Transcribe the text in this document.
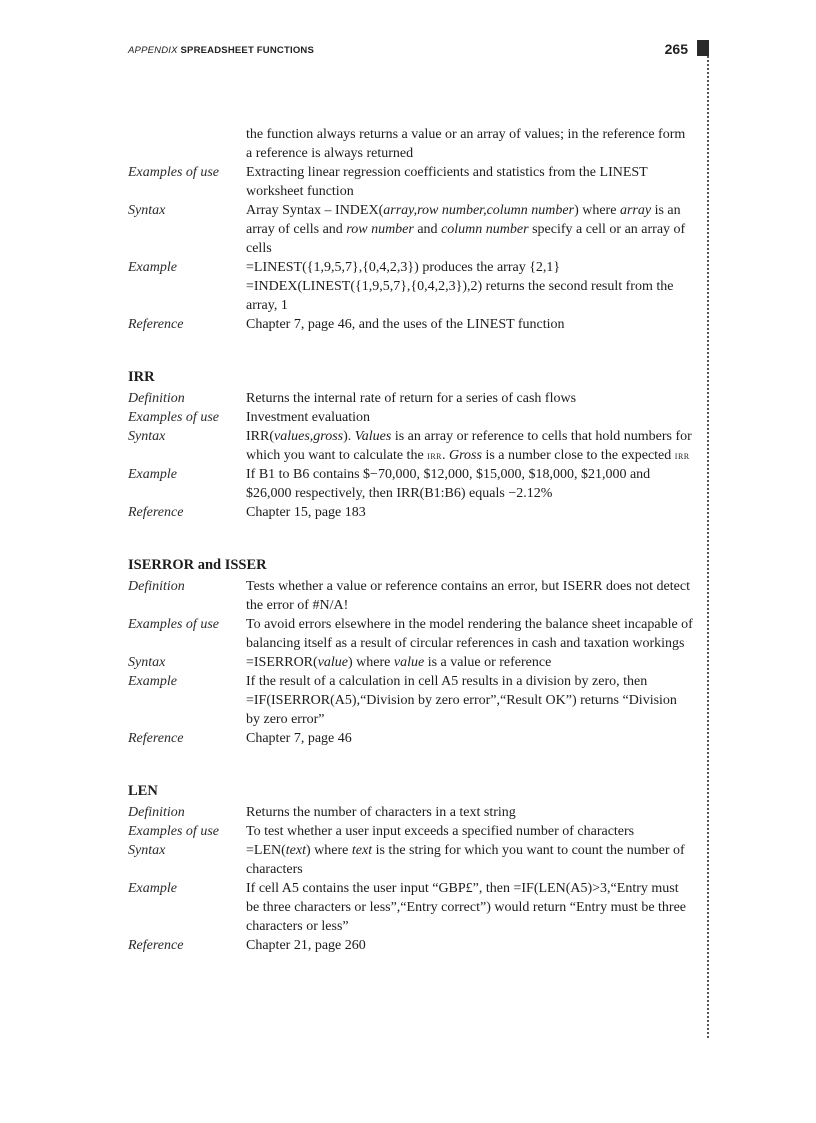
APPENDIX SPREADSHEET FUNCTIONS	265
the function always returns a value or an array of values; in the reference form a reference is always returned
Examples of use	Extracting linear regression coefficients and statistics from the LINEST worksheet function
Syntax	Array Syntax – INDEX(array,row number,column number) where array is an array of cells and row number and column number specify a cell or an array of cells
Example	=LINEST({1,9,5,7},{0,4,2,3}) produces the array {2,1}
=INDEX(LINEST({1,9,5,7},{0,4,2,3}),2) returns the second result from the array, 1
Reference	Chapter 7, page 46, and the uses of the LINEST function
IRR
Definition	Returns the internal rate of return for a series of cash flows
Examples of use	Investment evaluation
Syntax	IRR(values,gross). Values is an array or reference to cells that hold numbers for which you want to calculate the irr. Gross is a number close to the expected irr
Example	If B1 to B6 contains $−70,000, $12,000, $15,000, $18,000, $21,000 and $26,000 respectively, then IRR(B1:B6) equals −2.12%
Reference	Chapter 15, page 183
ISERROR and ISSER
Definition	Tests whether a value or reference contains an error, but ISERR does not detect the error of #N/A!
Examples of use	To avoid errors elsewhere in the model rendering the balance sheet incapable of balancing itself as a result of circular references in cash and taxation workings
Syntax	=ISERROR(value) where value is a value or reference
Example	If the result of a calculation in cell A5 results in a division by zero, then =IF(ISERROR(A5),“Division by zero error”,“Result OK”) returns “Division by zero error”
Reference	Chapter 7, page 46
LEN
Definition	Returns the number of characters in a text string
Examples of use	To test whether a user input exceeds a specified number of characters
Syntax	=LEN(text) where text is the string for which you want to count the number of characters
Example	If cell A5 contains the user input “GBP£”, then =IF(LEN(A5)>3,“Entry must be three characters or less”,“Entry correct”) would return “Entry must be three characters or less”
Reference	Chapter 21, page 260
